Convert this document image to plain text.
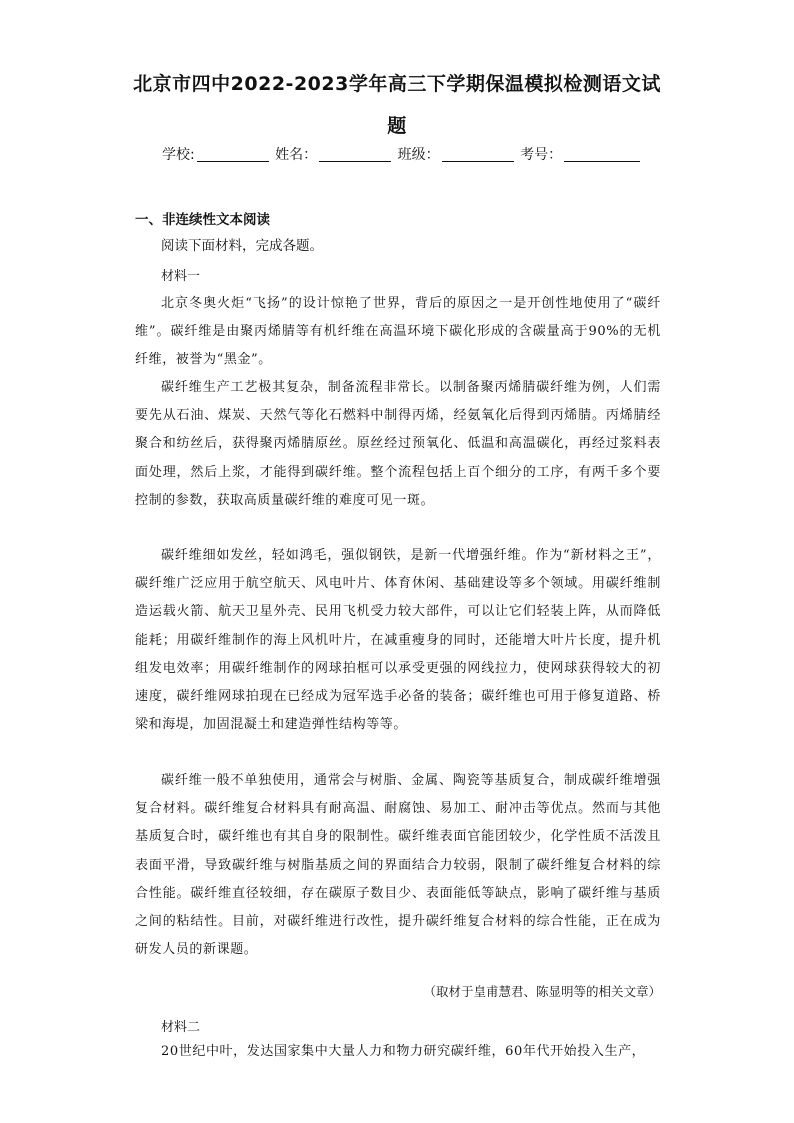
北京市四中2022-2023学年高三下学期保温模拟检测语文试
题
学校:	姓名：	班级：	考号：
一、非连续性文本阅读
阅读下面材料，完成各题。
材料一

北京冬奥火炬“飞扬”的设计惊艳了世界，背后的原因之一是开创性地使用了“碳纤维”。碳纤维是由聚丙烯腈等有机纤维在高温环境下碳化形成的含碳量高于90%的无机纤维，被誉为“黑金”。

碳纤维生产工艺极其复杂，制备流程非常长。以制备聚丙烯腈碳纤维为例，人们需要先从石油、煤炭、天然气等化石燃料中制得丙烯，经氨氧化后得到丙烯腈。丙烯腈经聚合和纺丝后，获得聚丙烯腈原丝。原丝经过预氧化、低温和高温碳化，再经过浆料表面处理，然后上浆，才能得到碳纤维。整个流程包括上百个细分的工序，有两千多个要控制的参数，获取高质量碳纤维的难度可见一斑。

碳纤维细如发丝，轻如鸿毛，强似钢铁，是新一代增强纤维。作为“新材料之王”，碳纤维广泛应用于航空航天、风电叶片、体育休闲、基础建设等多个领域。用碳纤维制造运载火箭、航天卫星外壳、民用飞机受力较大部件，可以让它们轻装上阵，从而降低能耗；用碳纤维制作的海上风机叶片，在减重瘦身的同时，还能增大叶片长度，提升机组发电效率；用碳纤维制作的网球拍框可以承受更强的网线拉力，使网球获得较大的初速度，碳纤维网球拍现在已经成为冠军选手必备的装备；碳纤维也可用于修复道路、桥梁和海堤，加固混凝土和建造弹性结构等等。

碳纤维一般不单独使用，通常会与树脂、金属、陶瓷等基质复合，制成碳纤维增强复合材料。碳纤维复合材料具有耐高温、耐腐蚀、易加工、耐冲击等优点。然而与其他基质复合时，碳纤维也有其自身的限制性。碳纤维表面官能团较少，化学性质不活泼且表面平滑，导致碳纤维与树脂基质之间的界面结合力较弱，限制了碳纤维复合材料的综合性能。碳纤维直径较细，存在碳原子数目少、表面能低等缺点，影响了碳纤维与基质之间的粘结性。目前，对碳纤维进行改性，提升碳纤维复合材料的综合性能，正在成为研发人员的新课题。

（取材于皇甫慧君、陈显明等的相关文章）
材料二

20世纪中叶，发达国家集中大量人力和物力研究碳纤维，60年代开始投入生产，
